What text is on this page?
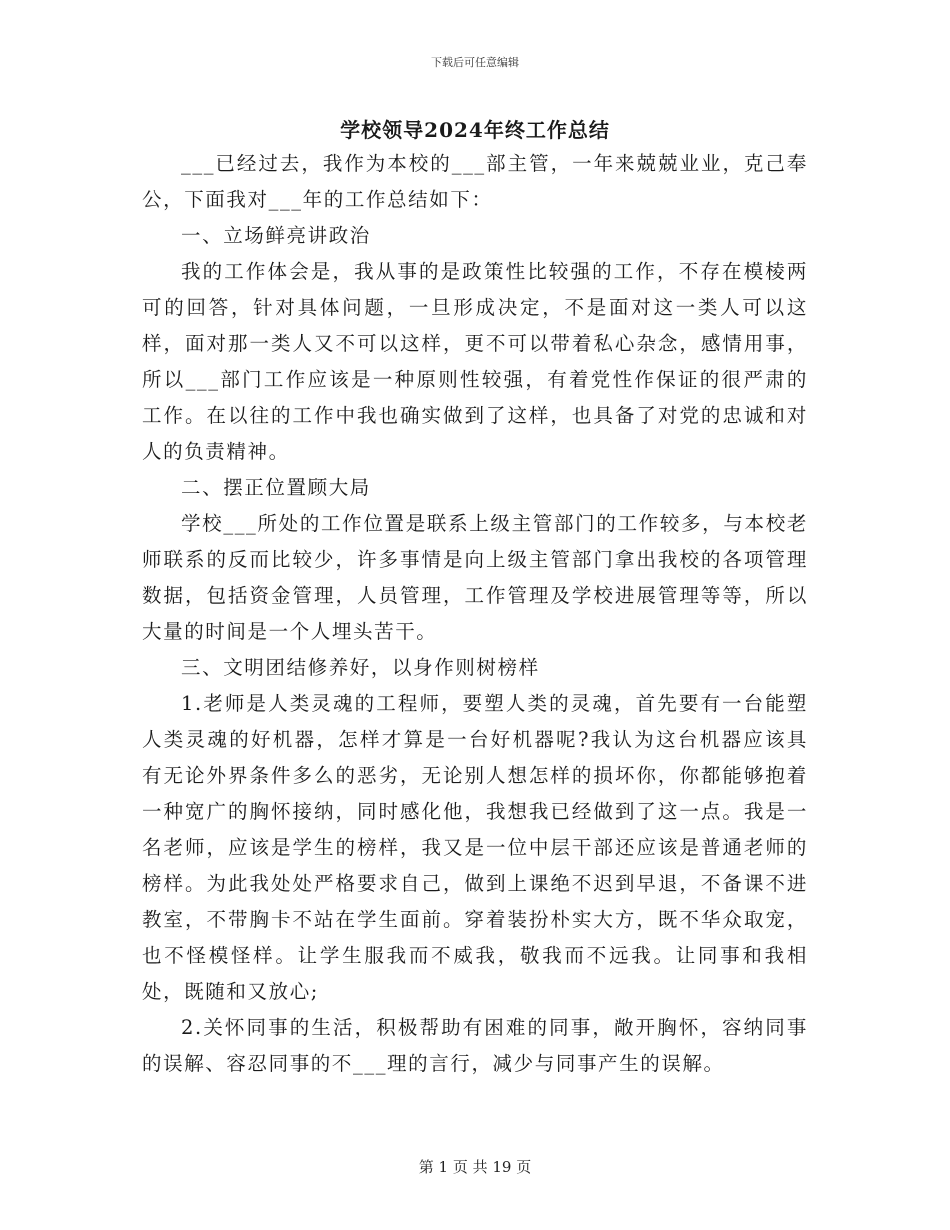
下载后可任意编辑
学校领导2024年终工作总结

___已经过去，我作为本校的___部主管，一年来兢兢业业，克己奉公，下面我对___年的工作总结如下：

一、立场鲜亮讲政治

我的工作体会是，我从事的是政策性比较强的工作，不存在模棱两可的回答，针对具体问题，一旦形成决定，不是面对这一类人可以这样，面对那一类人又不可以这样，更不可以带着私心杂念，感情用事，所以___部门工作应该是一种原则性较强，有着党性作保证的很严肃的工作。在以往的工作中我也确实做到了这样，也具备了对党的忠诚和对人的负责精神。

二、摆正位置顾大局

学校___所处的工作位置是联系上级主管部门的工作较多，与本校老师联系的反而比较少，许多事情是向上级主管部门拿出我校的各项管理数据，包括资金管理，人员管理，工作管理及学校进展管理等等，所以大量的时间是一个人埋头苦干。

三、文明团结修养好，以身作则树榜样

1.老师是人类灵魂的工程师，要塑人类的灵魂，首先要有一台能塑人类灵魂的好机器，怎样才算是一台好机器呢?我认为这台机器应该具有无论外界条件多么的恶劣，无论别人想怎样的损坏你，你都能够抱着一种宽广的胸怀接纳，同时感化他，我想我已经做到了这一点。我是一名老师，应该是学生的榜样，我又是一位中层干部还应该是普通老师的榜样。为此我处处严格要求自己，做到上课绝不迟到早退，不备课不进教室，不带胸卡不站在学生面前。穿着装扮朴实大方，既不华众取宠，也不怪模怪样。让学生服我而不威我，敬我而不远我。让同事和我相处，既随和又放心;

2.关怀同事的生活，积极帮助有困难的同事，敞开胸怀，容纳同事的误解、容忍同事的不___理的言行，减少与同事产生的误解。

第 1 页 共 19 页
